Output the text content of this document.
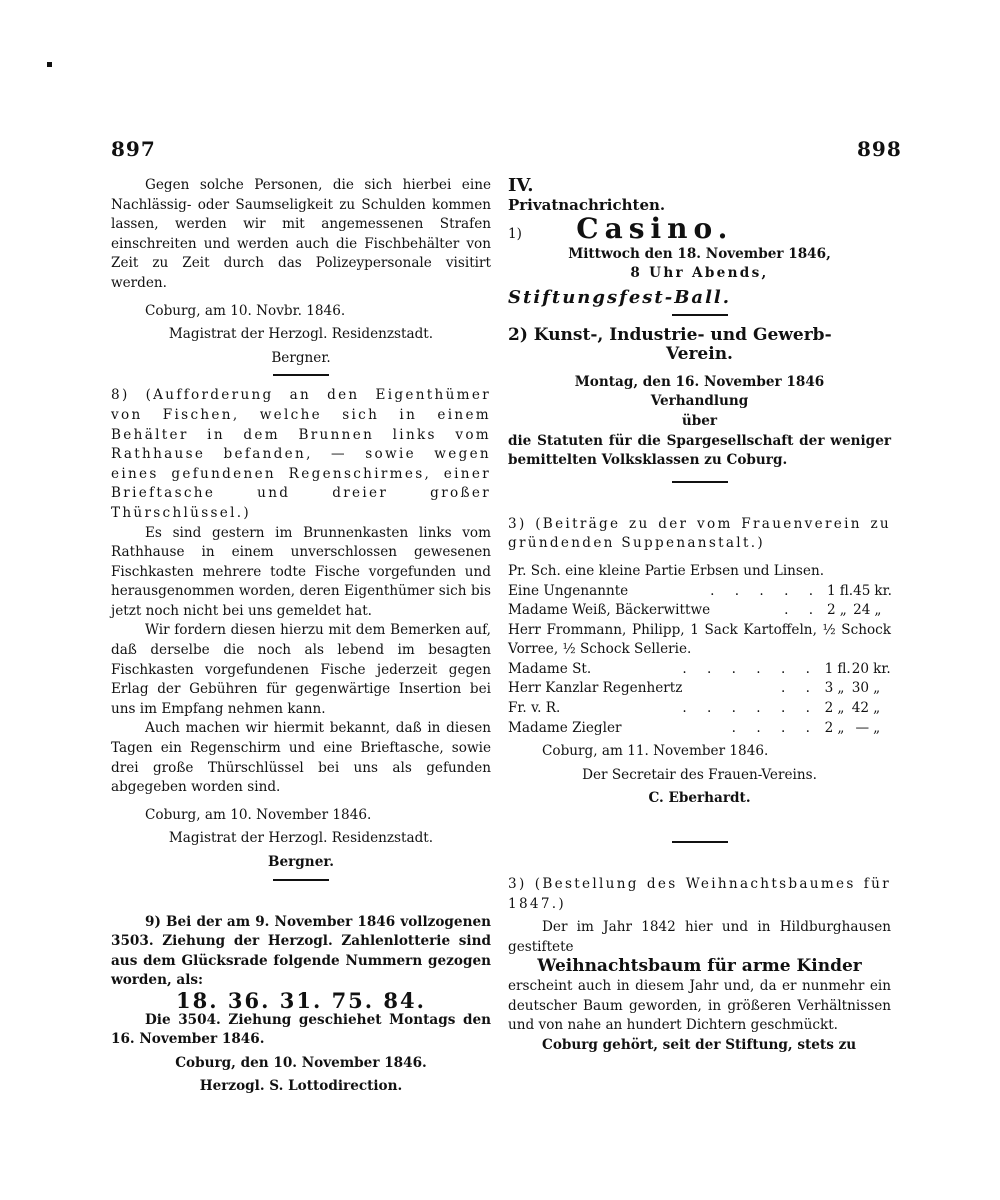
897	898

Gegen solche Personen, die sich hierbei eine Nachlässig- oder Saumseligkeit zu Schulden kommen lassen, werden wir mit angemessenen Strafen einschreiten und werden auch die Fischbehälter von Zeit zu Zeit durch das Polizeypersonale visitirt werden.

Coburg, am 10. Novbr. 1846.

Magistrat der Herzogl. Residenzstadt.

Bergner.

8) (Aufforderung an den Eigenthümer von Fischen, welche sich in einem Behälter in dem Brunnen links vom Rathhause befanden, — sowie wegen eines gefundenen Regenschirmes, einer Brieftasche und dreier großer Thürschlüssel.)

Es sind gestern im Brunnenkasten links vom Rathhause in einem unverschlossen gewesenen Fischkasten mehrere todte Fische vorgefunden und herausgenommen worden, deren Eigenthümer sich bis jetzt noch nicht bei uns gemeldet hat.

Wir fordern diesen hierzu mit dem Bemerken auf, daß derselbe die noch als lebend im besagten Fischkasten vorgefundenen Fische jederzeit gegen Erlag der Gebühren für gegenwärtige Insertion bei uns im Empfang nehmen kann.

Auch machen wir hiermit bekannt, daß in diesen Tagen ein Regenschirm und eine Brieftasche, sowie drei große Thürschlüssel bei uns als gefunden abgegeben worden sind.

Coburg, am 10. November 1846.

Magistrat der Herzogl. Residenzstadt.

Bergner.

9) Bei der am 9. November 1846 vollzogenen 3503. Ziehung der Herzogl. Zahlenlotterie sind aus dem Glücksrade folgende Nummern gezogen worden, als:

18. 36. 31. 75. 84.

Die 3504. Ziehung geschiehet Montags den 16. November 1846.

Coburg, den 10. November 1846.

Herzogl. S. Lottodirection.

IV.

Privatnachrichten.

1) Casino.

Mittwoch den 18. November 1846,

8 Uhr Abends,

Stiftungsfest-Ball.

2) Kunst-, Industrie- und Gewerb-

Verein.

Montag, den 16. November 1846

Verhandlung

über

die Statuten für die Spargesellschaft der weniger bemittelten Volksklassen zu Coburg.

3) (Beiträge zu der vom Frauenverein zu gründenden Suppenanstalt.)

Pr. Sch. eine kleine Partie Erbsen und Linsen.

Eine Ungenannte	. . . . .	1	fl.	45	kr.
Madame Weiß, Bäckerwittwe	. .	2	„	24	„

Herr Frommann, Philipp, 1 Sack Kartoffeln, ½ Schock Vorree, ½ Schock Sellerie.

Madame St.	. . . . . .	1	fl.	20	kr.
Herr Kanzlar Regenhertz	. .	3	„	30	„
Fr. v. R.	. . . . . .	2	„	42	„
Madame Ziegler	. . . .	2	„	—	„

Coburg, am 11. November 1846.

Der Secretair des Frauen-Vereins.

C. Eberhardt.

3) (Bestellung des Weihnachtsbaumes für 1847.)

Der im Jahr 1842 hier und in Hildburghausen gestiftete

Weihnachtsbaum für arme Kinder

erscheint auch in diesem Jahr und, da er nunmehr ein deutscher Baum geworden, in größeren Verhältnissen und von nahe an hundert Dichtern geschmückt.

Coburg gehört, seit der Stiftung, stets zu
